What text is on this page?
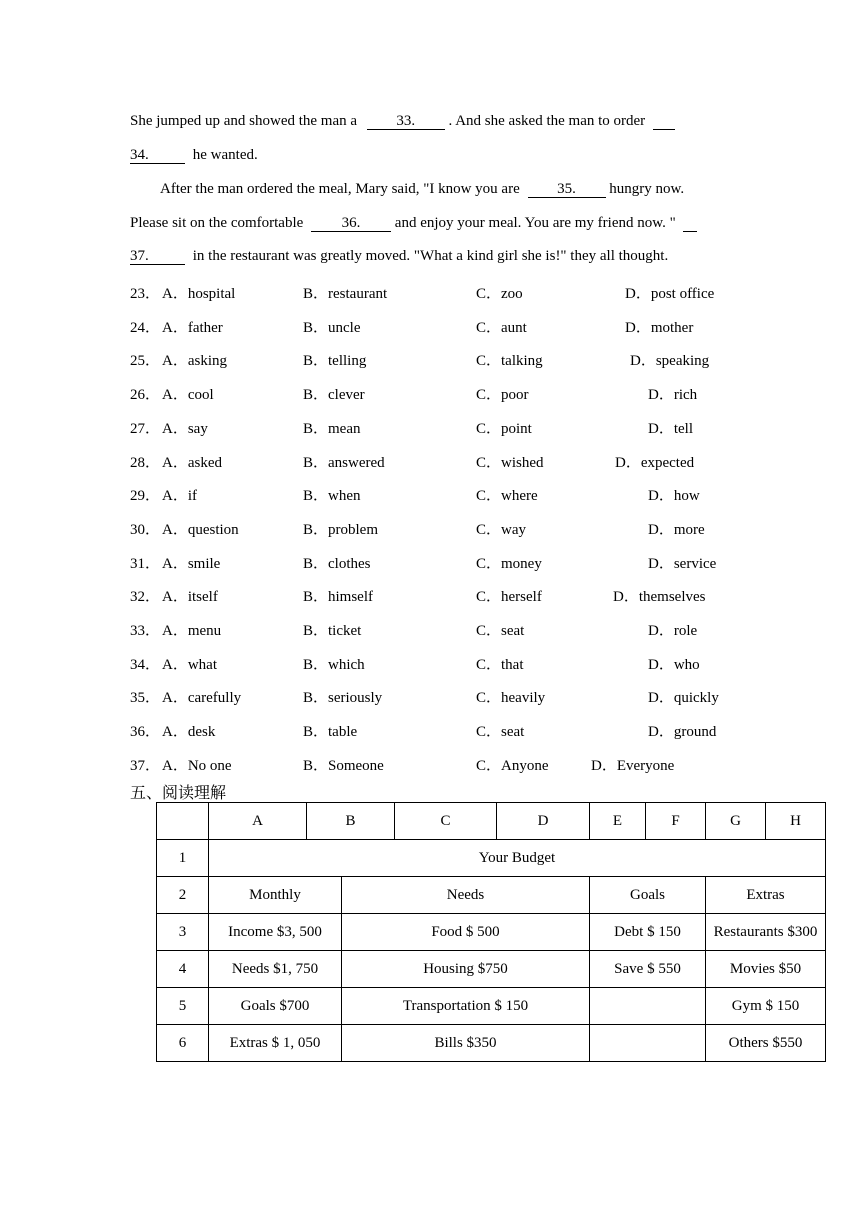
She jumped up and showed the man a	33. . And she asked the man to order
34.	he wanted.
After the man ordered the meal, Mary said, "I know you are 35. hungry now.
Please sit on the comfortable	36. and enjoy your meal. You are my friend now. "
37.	in the restaurant was greatly moved. "What a kind girl she is!" they all thought.
23． A．hospital	B．restaurant	C．zoo	D．post office
24． A．father	B．uncle	C．aunt	D．mother
25． A．asking	B．telling	C．talking	D．speaking
26． A．cool	B．clever	C．poor	D．rich
27． A．say	B．mean	C．point	D．tell
28． A．asked	B．answered	C．wished	D．expected
29． A．if	B．when	C．where	D．how
30． A．question	B．problem	C．way	D．more
31． A．smile	B．clothes	C．money	D．service
32． A．itself	B．himself	C．herself	D．themselves
33． A．menu	B．ticket	C．seat	D．role
34． A．what	B．which	C．that	D．who
35． A．carefully	B．seriously	C．heavily	D．quickly
36． A．desk	B．table	C．seat	D．ground
37． A．No one	B．Someone	C．Anyone	D．Everyone
五、阅读理解
	A	B		C	D	E	F	G	H
1	Your Budget								
2	Monthly		Needs			Goals		Extras	
3	Income $3, 500		Food $ 500			Debt $ 150		Restaurants $300	
4	Needs $1, 750		Housing $750			Save $ 550		Movies $50	
5	Goals $700		Transportation $ 150					Gym $ 150	
6	Extras $ 1, 050		Bills $350					Others $550	
